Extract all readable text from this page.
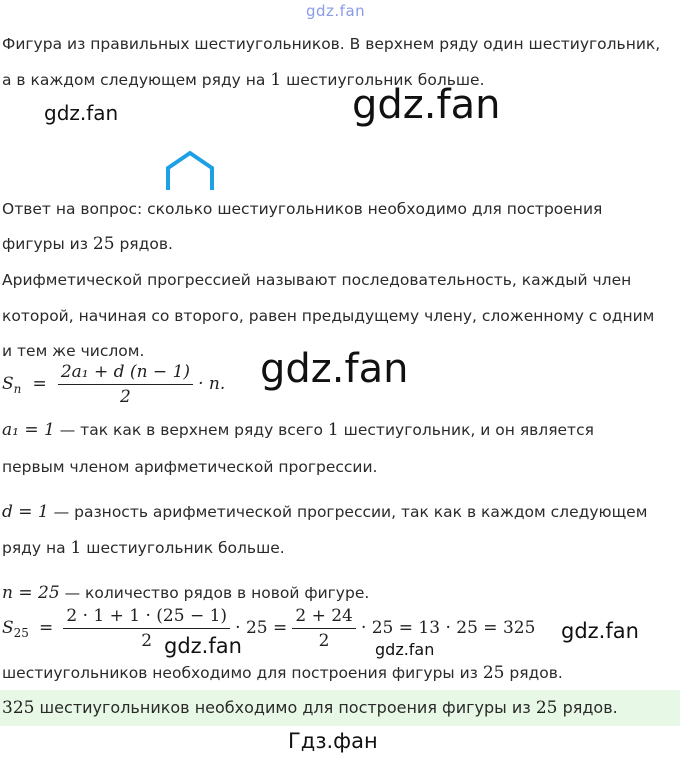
gdz.fan
Фигура из правильных шестиугольников. В верхнем ряду один шестиугольник,
а в каждом следующем ряду на 1 шестиугольник больше.
gdz.fan	gdz.fan
Ответ на вопрос: сколько шестиугольников необходимо для построения
фигуры из 25 рядов.
Арифметической прогрессией называют последовательность, каждый член
которой, начиная со второго, равен предыдущему члену, сложенному с одним
и тем же числом.	gdz.fan
$S_n = \frac{\text{2a₁ + d (n − 1)}}{2} \cdot n$.
a₁ = 1 — так как в верхнем ряду всего 1 шестиугольник, и он является
первым членом арифметической прогрессии.
d = 1 — разность арифметической прогрессии, так как в каждом следующем
ряду на 1 шестиугольник больше.
n = 25 — количество рядов в новой фигуре.
$S_{25} = \frac{2 \cdot 1 + 1 \cdot (25 - 1)}{2} \cdot 25 = \frac{2 + 24}{2} \cdot 25 = 13 \cdot 25 = 325$
gdz.fan	gdz.fan
gdz.fan
шестиугольников необходимо для построения фигуры из 25 рядов.
325 шестиугольников необходимо для построения фигуры из 25 рядов.
Гдз.фан
